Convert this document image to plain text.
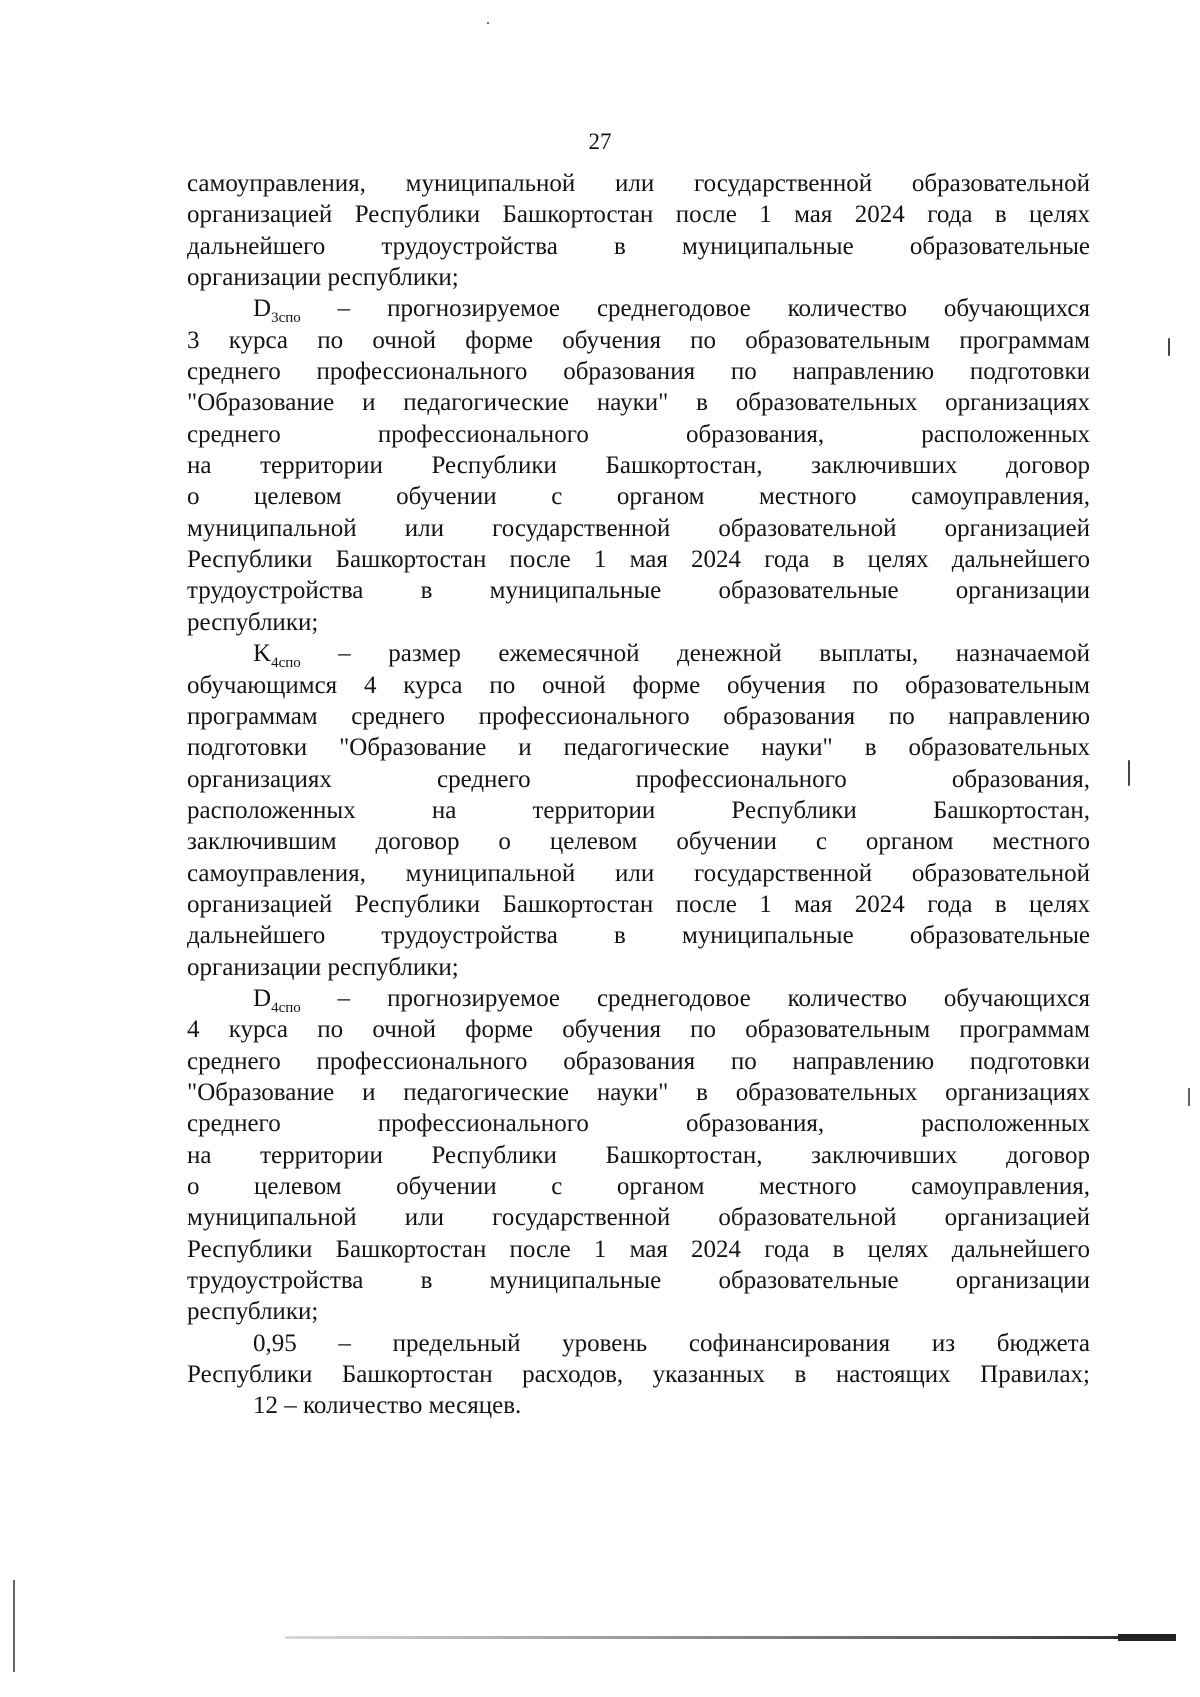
27
самоуправления, муниципальной или государственной образовательной
организацией Республики Башкортостан после 1 мая 2024 года в целях
дальнейшего трудоустройства в муниципальные образовательные
организации республики;
$D_{3спо}$ – прогнозируемое среднегодовое количество обучающихся
3 курса по очной форме обучения по образовательным программам
среднего профессионального образования по направлению подготовки
"Образование и педагогические науки" в образовательных организациях
среднего профессионального образования, расположенных
на территории Республики Башкортостан, заключивших договор
о целевом обучении с органом местного самоуправления,
муниципальной или государственной образовательной организацией
Республики Башкортостан после 1 мая 2024 года в целях дальнейшего
трудоустройства в муниципальные образовательные организации
республики;
$K_{4спо}$ – размер ежемесячной денежной выплаты, назначаемой
обучающимся 4 курса по очной форме обучения по образовательным
программам среднего профессионального образования по направлению
подготовки "Образование и педагогические науки" в образовательных
организациях среднего профессионального образования,
расположенных на территории Республики Башкортостан,
заключившим договор о целевом обучении с органом местного
самоуправления, муниципальной или государственной образовательной
организацией Республики Башкортостан после 1 мая 2024 года в целях
дальнейшего трудоустройства в муниципальные образовательные
организации республики;
$D_{4спо}$ – прогнозируемое среднегодовое количество обучающихся
4 курса по очной форме обучения по образовательным программам
среднего профессионального образования по направлению подготовки
"Образование и педагогические науки" в образовательных организациях
среднего профессионального образования, расположенных
на территории Республики Башкортостан, заключивших договор
о целевом обучении с органом местного самоуправления,
муниципальной или государственной образовательной организацией
Республики Башкортостан после 1 мая 2024 года в целях дальнейшего
трудоустройства в муниципальные образовательные организации
республики;
0,95 – предельный уровень софинансирования из бюджета
Республики Башкортостан расходов, указанных в настоящих Правилах;
12 – количество месяцев.
